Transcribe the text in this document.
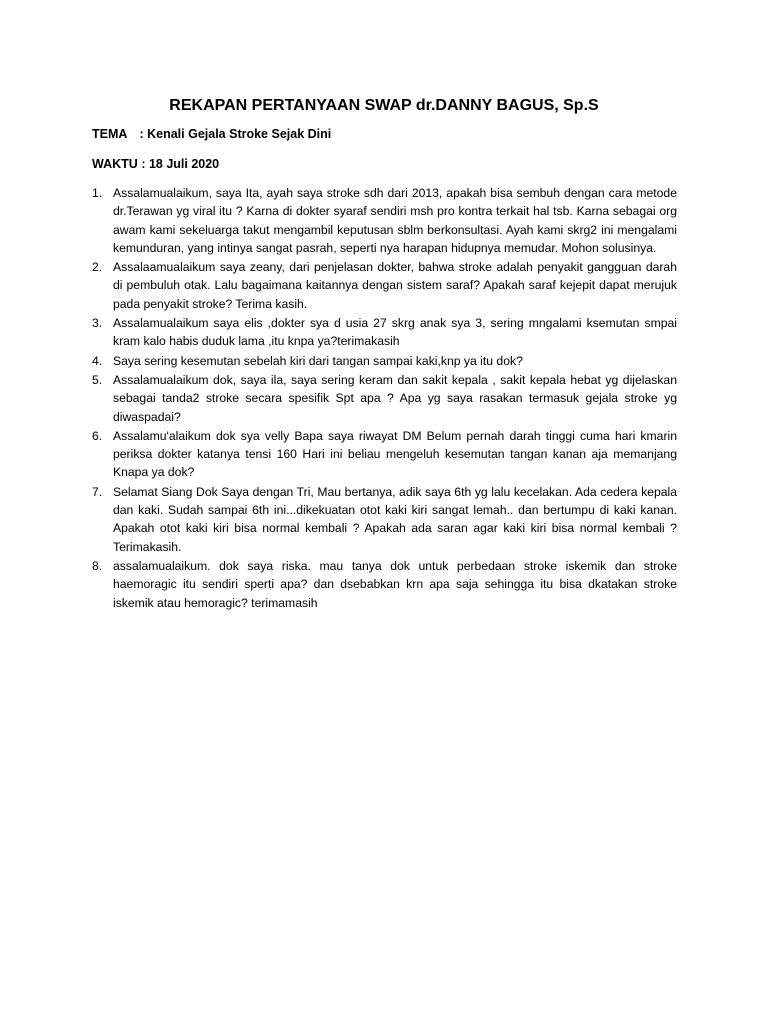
REKAPAN PERTANYAAN SWAP dr.DANNY BAGUS, Sp.S
TEMA : Kenali Gejala Stroke Sejak Dini
WAKTU : 18 Juli 2020
1. Assalamualaikum, saya Ita, ayah saya stroke sdh dari 2013, apakah bisa sembuh dengan cara metode dr.Terawan yg viral itu ? Karna di dokter syaraf sendiri msh pro kontra terkait hal tsb. Karna sebagai org awam kami sekeluarga takut mengambil keputusan sblm berkonsultasi. Ayah kami skrg2 ini mengalami kemunduran, yang intinya sangat pasrah, seperti nya harapan hidupnya memudar. Mohon solusinya.
2. Assalaamualaikum saya zeany, dari penjelasan dokter, bahwa stroke adalah penyakit gangguan darah di pembuluh otak. Lalu bagaimana kaitannya dengan sistem saraf? Apakah saraf kejepit dapat merujuk pada penyakit stroke? Terima kasih.
3. Assalamualaikum saya elis ,dokter sya d usia 27 skrg anak sya 3, sering mngalami ksemutan smpai kram kalo habis duduk lama ,itu knpa ya?terimakasih
4. Saya sering kesemutan sebelah kiri dari tangan sampai kaki,knp ya itu dok?
5. Assalamualaikum dok, saya ila, saya sering keram dan sakit kepala , sakit kepala hebat yg dijelaskan sebagai tanda2 stroke secara spesifik Spt apa ? Apa yg saya rasakan termasuk gejala stroke yg diwaspadai?
6. Assalamu'alaikum dok sya velly Bapa saya riwayat DM Belum pernah darah tinggi cuma hari kmarin periksa dokter katanya tensi 160 Hari ini beliau mengeluh kesemutan tangan kanan aja memanjang Knapa ya dok?
7. Selamat Siang Dok Saya dengan Tri, Mau bertanya, adik saya 6th yg lalu kecelakan. Ada cedera kepala dan kaki. Sudah sampai 6th ini...dikekuatan otot kaki kiri sangat lemah.. dan bertumpu di kaki kanan. Apakah otot kaki kiri bisa normal kembali ? Apakah ada saran agar kaki kiri bisa normal kembali ? Terimakasih.
8. assalamualaikum. dok saya riska. mau tanya dok untuk perbedaan stroke iskemik dan stroke haemoragic itu sendiri sperti apa? dan dsebabkan krn apa saja sehingga itu bisa dkatakan stroke iskemik atau hemoragic? terimamasih
